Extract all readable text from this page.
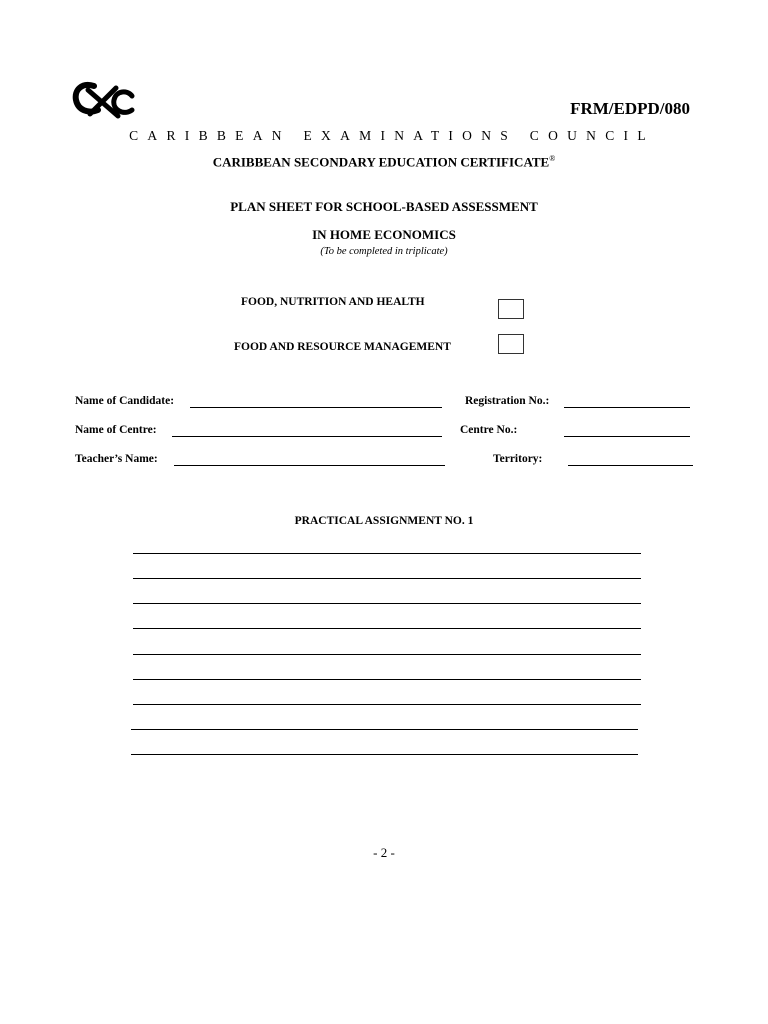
FRM/EDPD/080
CARIBBEAN EXAMINATIONS COUNCIL
CARIBBEAN SECONDARY EDUCATION CERTIFICATE®
PLAN SHEET FOR SCHOOL-BASED ASSESSMENT
IN HOME ECONOMICS
(To be completed in triplicate)
FOOD, NUTRITION AND HEALTH
FOOD AND RESOURCE MANAGEMENT
Name of Candidate:	Registration No.:
Name of Centre:	Centre No.:
Teacher’s Name:	Territory:
PRACTICAL ASSIGNMENT NO. 1
- 2 -
